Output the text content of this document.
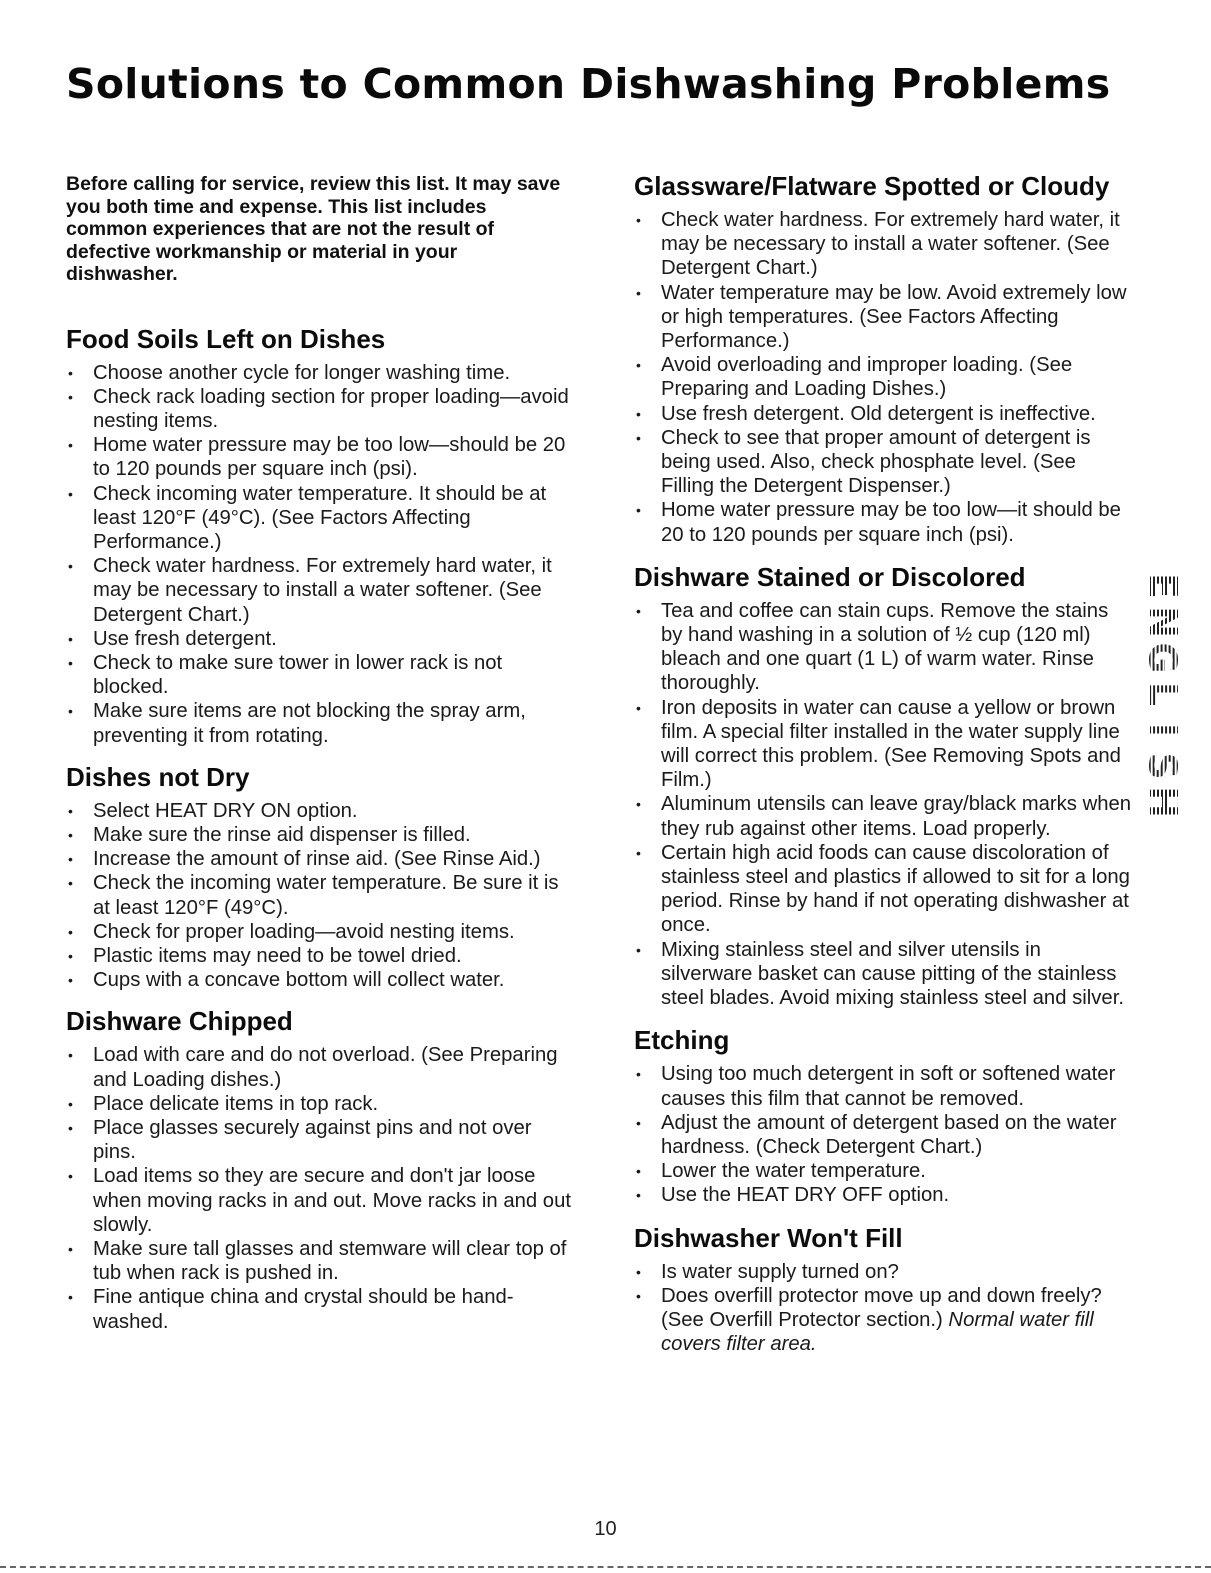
Solutions to Common Dishwashing Problems

Before calling for service, review this list. It may save you both time and expense. This list includes common experiences that are not the result of defective workmanship or material in your dishwasher.

Food Soils Left on Dishes
• Choose another cycle for longer washing time.
• Check rack loading section for proper loading—avoid nesting items.
• Home water pressure may be too low—should be 20 to 120 pounds per square inch (psi).
• Check incoming water temperature. It should be at least 120°F (49°C). (See Factors Affecting Performance.)
• Check water hardness. For extremely hard water, it may be necessary to install a water softener. (See Detergent Chart.)
• Use fresh detergent.
• Check to make sure tower in lower rack is not blocked.
• Make sure items are not blocking the spray arm, preventing it from rotating.
Dishes not Dry
• Select HEAT DRY ON option.
• Make sure the rinse aid dispenser is filled.
• Increase the amount of rinse aid. (See Rinse Aid.)
• Check the incoming water temperature. Be sure it is at least 120°F (49°C).
• Check for proper loading—avoid nesting items.
• Plastic items may need to be towel dried.
• Cups with a concave bottom will collect water.
Dishware Chipped
• Load with care and do not overload. (See Preparing and Loading dishes.)
• Place delicate items in top rack.
• Place glasses securely against pins and not over pins.
• Load items so they are secure and don't jar loose when moving racks in and out. Move racks in and out slowly.
• Make sure tall glasses and stemware will clear top of tub when rack is pushed in.
• Fine antique china and crystal should be hand-washed.
Glassware/Flatware Spotted or Cloudy
• Check water hardness. For extremely hard water, it may be necessary to install a water softener. (See Detergent Chart.)
• Water temperature may be low. Avoid extremely low or high temperatures. (See Factors Affecting Performance.)
• Avoid overloading and improper loading. (See Preparing and Loading Dishes.)
• Use fresh detergent. Old detergent is ineffective.
• Check to see that proper amount of detergent is being used. Also, check phosphate level. (See Filling the Detergent Dispenser.)
• Home water pressure may be too low—it should be 20 to 120 pounds per square inch (psi).
Dishware Stained or Discolored
• Tea and coffee can stain cups. Remove the stains by hand washing in a solution of ½ cup (120 ml) bleach and one quart (1 L) of warm water. Rinse thoroughly.
• Iron deposits in water can cause a yellow or brown film. A special filter installed in the water supply line will correct this problem. (See Removing Spots and Film.)
• Aluminum utensils can leave gray/black marks when they rub against other items. Load properly.
• Certain high acid foods can cause discoloration of stainless steel and plastics if allowed to sit for a long period. Rinse by hand if not operating dishwasher at once.
• Mixing stainless steel and silver utensils in silverware basket can cause pitting of the stainless steel blades. Avoid mixing stainless steel and silver.
Etching
• Using too much detergent in soft or softened water causes this film that cannot be removed.
• Adjust the amount of detergent based on the water hardness. (Check Detergent Chart.)
• Lower the water temperature.
• Use the HEAT DRY OFF option.
Dishwasher Won't Fill
• Is water supply turned on?
• Does overfill protector move up and down freely? (See Overfill Protector section.) Normal water fill covers filter area.
E
N
G
L
I
S
H
10
